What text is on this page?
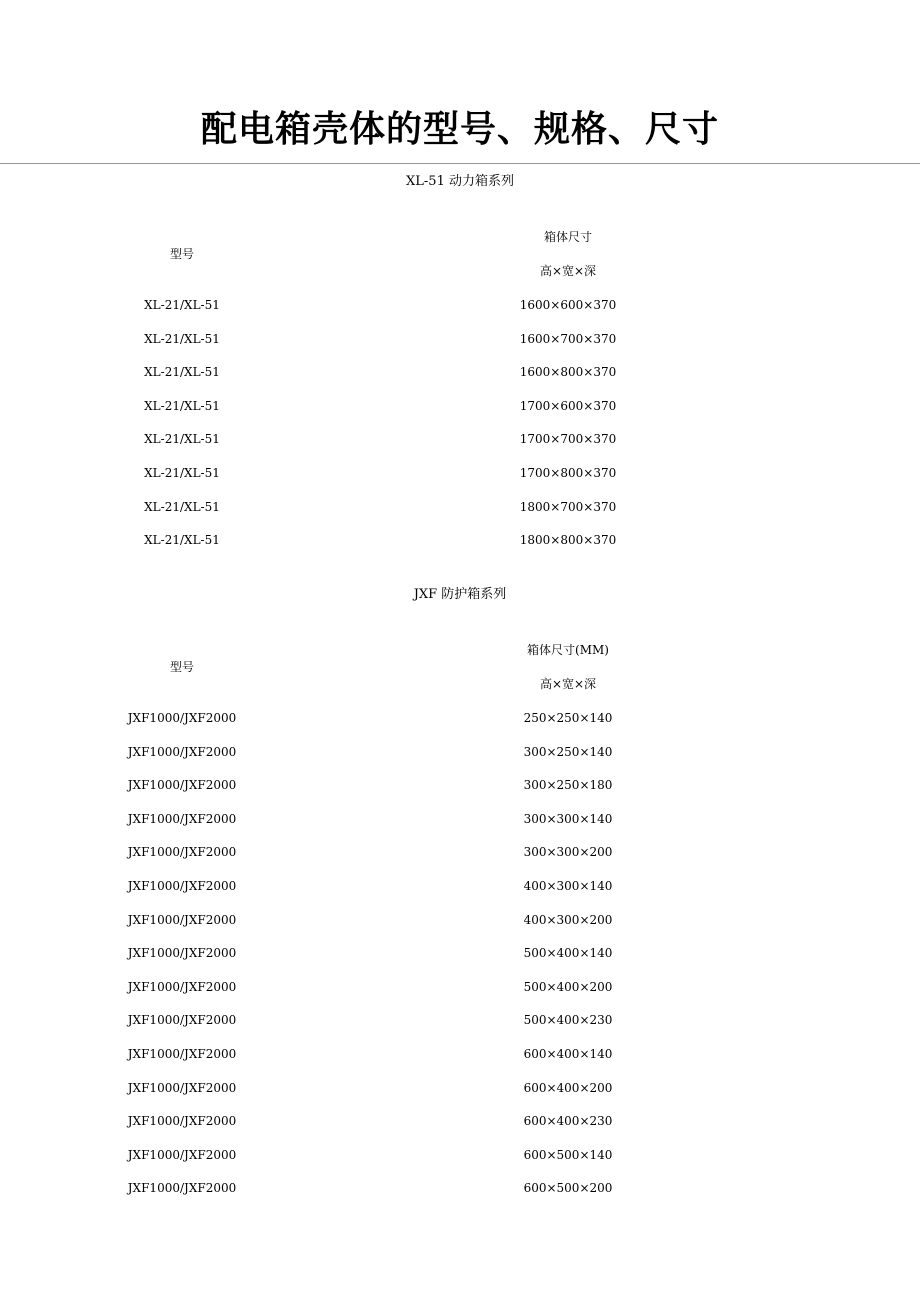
配电箱壳体的型号、规格、尺寸
XL-51 动力箱系列
型号
箱体尺寸
高×宽×深
XL-21/XL-51	1600×600×370
XL-21/XL-51	1600×700×370
XL-21/XL-51	1600×800×370
XL-21/XL-51	1700×600×370
XL-21/XL-51	1700×700×370
XL-21/XL-51	1700×800×370
XL-21/XL-51	1800×700×370
XL-21/XL-51	1800×800×370
JXF 防护箱系列
型号
箱体尺寸(MM)
高×宽×深
JXF1000/JXF2000	250×250×140
JXF1000/JXF2000	300×250×140
JXF1000/JXF2000	300×250×180
JXF1000/JXF2000	300×300×140
JXF1000/JXF2000	300×300×200
JXF1000/JXF2000	400×300×140
JXF1000/JXF2000	400×300×200
JXF1000/JXF2000	500×400×140
JXF1000/JXF2000	500×400×200
JXF1000/JXF2000	500×400×230
JXF1000/JXF2000	600×400×140
JXF1000/JXF2000	600×400×200
JXF1000/JXF2000	600×400×230
JXF1000/JXF2000	600×500×140
JXF1000/JXF2000	600×500×200
